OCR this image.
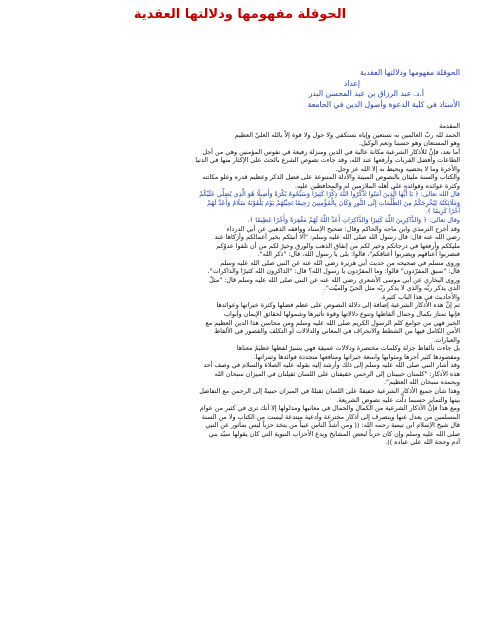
الحوقلة مفهومها ودلالتها العقدية
الحوقلة مفهومها ودلالتها العقدية
إعداد
أ.د. عبد الرزاق بن عبد المحسن البدر
الأستاذ في كلية الدعوة وأصول الدين في الجامعة

المقدمة

الحمد لله ربّ العالمين به نستعين وإياه نستكفي ولا حول ولا قوة إلاّ بالله العليّ العظيم

وهو المستعان وهو حسبنا ونعم الوكيل.

أما بعد، فإنَّ للأذكار الشرعية مكانة عالية في الدين ومنزلة رفيعة في نفوس المؤمنين وهي من أجل

الطاعات وأفضل القربات وأرفعها عند الله، وقد جاءت نصوص الشرع بالحث على الإكثار منها في الدنيا

والآخرة وما لا يحصيه ويحيط به إلا الله عز وجل.

والكتاب والسنة مليئان بالنصوص المبينة والأدلة المتنوعة على فضل الذكر وعظيم قدره وعلو مكانته

وكثرة عوائده وفوائده على أهله الملازمين له والمحافظين عليه.

قال الله تعالى: ﴿ يَا أَيُّهَا الَّذِينَ آمَنُوا اذْكُرُوا اللَّهَ ذِكْرًا كَثِيرًا وَسَبِّحُوهُ بُكْرَةً وَأَصِيلًا هُوَ الَّذِي يُصَلِّي عَلَيْكُمْ

وَمَلَائِكَتُهُ لِيُخْرِجَكُمْ مِنَ الظُّلُمَاتِ إِلَى النُّورِ وَكَانَ بِالْمُؤْمِنِينَ رَحِيمًا تَحِيَّتُهُمْ يَوْمَ يَلْقَوْنَهُ سَلَامٌ وَأَعَدَّ لَهُمْ

أَجْرًا كَرِيمًا ﴾.

وقال تعالى: ﴿ وَالذَّاكِرِينَ اللَّهَ كَثِيرًا وَالذَّاكِرَاتِ أَعَدَّ اللَّهُ لَهُمْ مَغْفِرَةً وَأَجْرًا عَظِيمًا ﴾.

وقد أخرج الترمذي وابن ماجه والحاكم وقال: صحيح الإسناد ووافقه الذهبي عن أبي الدرداء

رضي الله عنه قال: قال رسول الله صلى الله عليه وسلم: "ألا أنبئكم بخير أعمالكم وأزكاها عند

مليككم وأرفعها في درجاتكم وخير لكم من إنفاق الذهب والورق وخيرٌ لكم من أن تلقوا عدوّكم

فتضربوا أعناقهم ويضربوا أعناقكم"، قالوا: بلى يا رسول الله، قال: "ذكر الله".

وروى مسلم في صحيحه من حديث أبي هريرة رضي الله عنه عن النبي صلى الله عليه وسلم

قال: "سبق المفرّدون" قالوا: وما المفرّدون يا رسول الله؟ قال: "الذاكرون الله كثيرًا والذاكرات".

وروى البخاري عن أبي موسى الأشعري رضي الله عنه عن النبي صلى الله عليه وسلم قال: "مثلُ

الذي يذكر ربّه والذي لا يذكر ربّه مثل الحيّ والميّت".

والأحاديث في هذا الباب كثيرة.

ثم إنَّ هذه الأذكار الشرعية إضافة إلى دلالة النصوص على عظم فضلها وكثرة خيراتها وعوائدها

فإنها تمتاز بكمال وجمال ألفاظها وتنوع دلالاتها وقوة تأثيرها وشمولها لحقائق الإيمان وأبواب

الخير فهي من جوامع كلم الرسول الكريم صلى الله عليه وسلم ومن محاسن هذا الدين العظيم مع

الأمن الكامل فيها من الشطط والانحراف في المعاني والدلالات أو التكلف والقصور في الألفاظ

والعبارات.

بل جاءت بألفاظ جزلة وكلمات مختصرة ودلالات عميقة فهي يسيرٌ لفظها عظيمٌ معناها

ومقصودها كثير أجرها ومثوابها واسعة خيراتها ومنافعها متجددة فوائدها وثمراتها.

وقد أشار النبي صلى الله عليه وسلم إلى ذلك وأرشد إليه بقوله عليه الصلاة والسلام في وصف أحد

هذه الأذكار: "كلمتان حبيبتان إلى الرحمن خفيفتان على اللسان ثقيلتان في الميزان سبحان الله

وبحمده سبحان الله العظيم".

وهذا شأن جميع الأذكار الشرعية خفيفةٌ على اللسان ثقيلةٌ في الميزان حبيبةٌ إلى الرحمن مع التفاضل

بينها والتمايز حسبما دلّت عليه نصوص الشريعة.

ومع هذا فإنَّ الأذكار الشرعية من الكمال والجمال في معانيها ومدلولها إلا أنك ترى في كثير من عوام

المسلمين من يعدل عنها وينصرف إلى أذكار مخترعة وأدعية مبتدعة ليست من الكتاب ولا من السنة

قال شيخ الإسلام ابن تيمية رحمه الله: (( ومن أشدِّ الناس عيباً من يتخذ حزباً ليس بمأثور عن النبي

صلى الله عليه وسلم وإن كان حزباً لبعض المشايخ ويدع الأحزاب النبوية التي كان يقولها سيّد بني

آدم وحجة الله على عباده )).
